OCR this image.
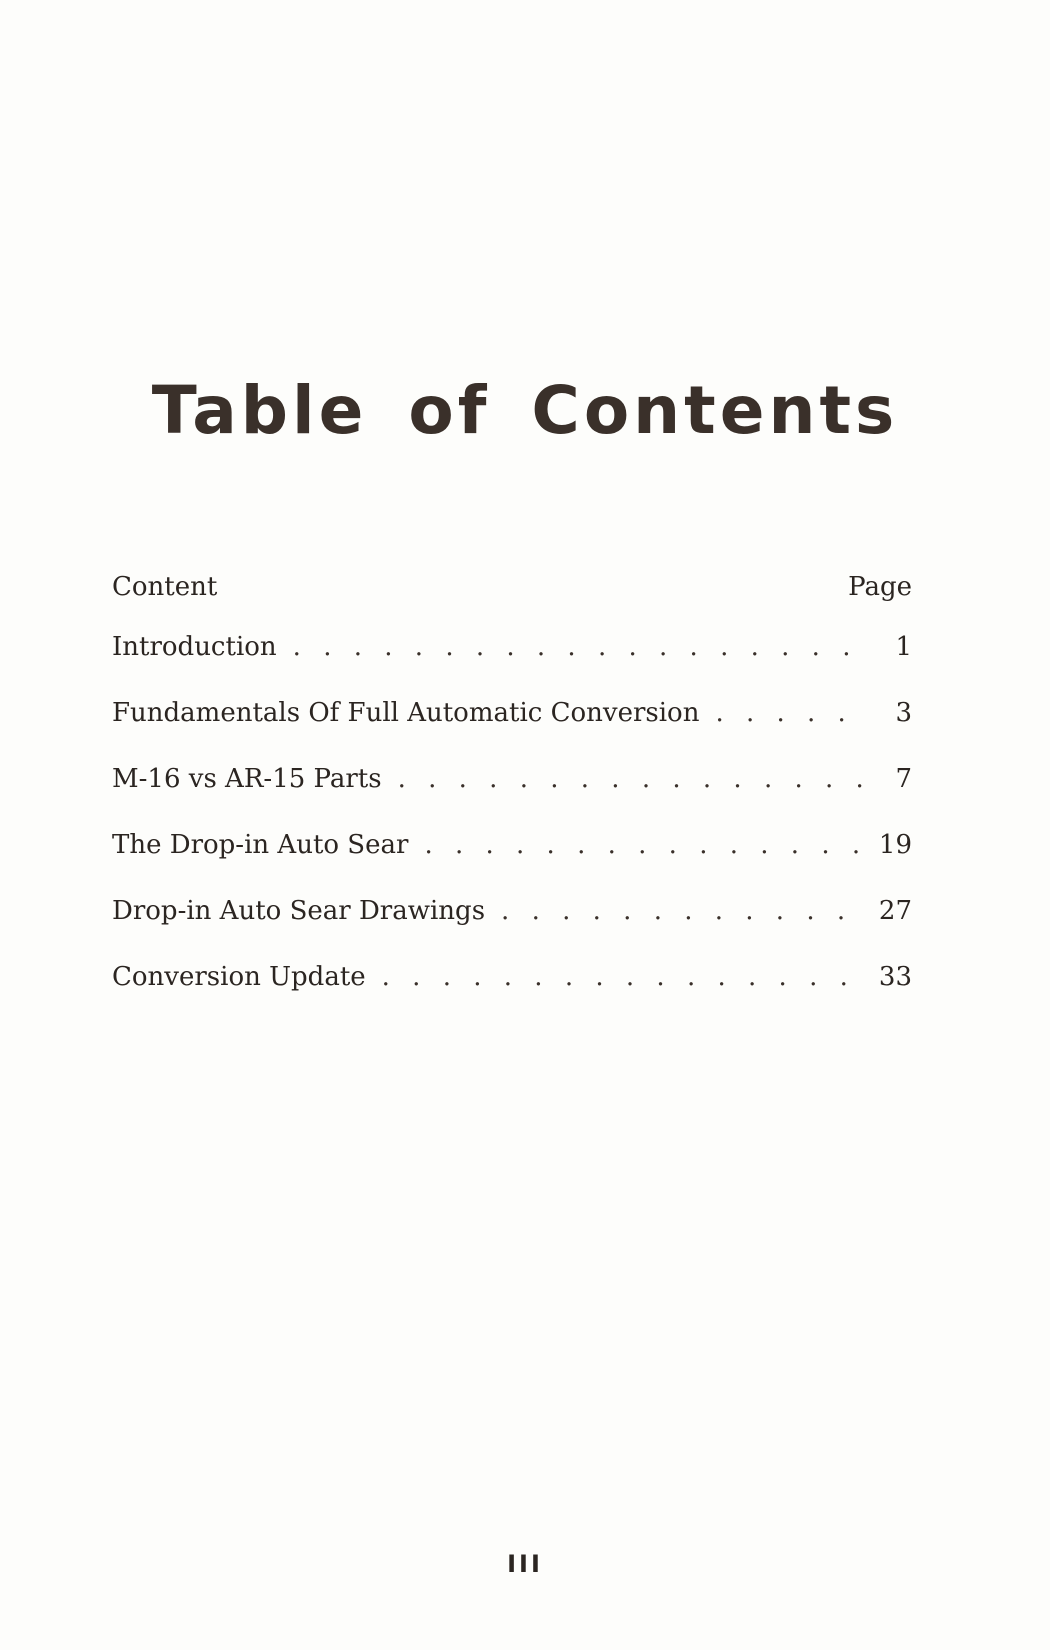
Table of Contents
Content	Page
Introduction . . .	1
Fundamentals Of Full Automatic Conversion . . .	3
M-16 vs AR-15 Parts . . .	7
The Drop-in Auto Sear . . .	19
Drop-in Auto Sear Drawings . . .	27
Conversion Update . . .	33
III
